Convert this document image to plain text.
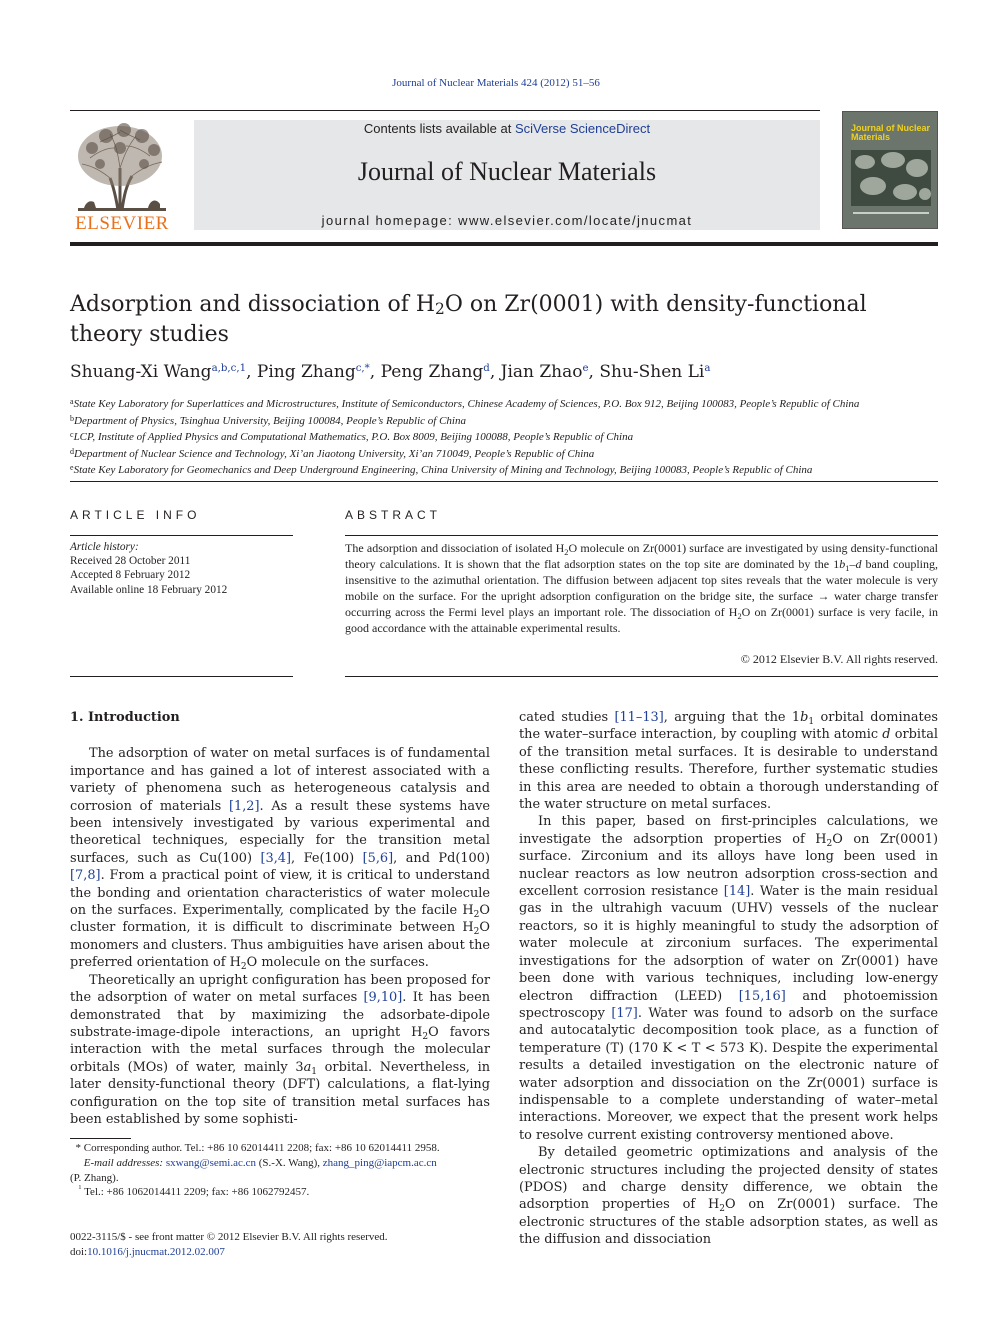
Journal of Nuclear Materials 424 (2012) 51–56
ELSEVIER
Contents lists available at SciVerse ScienceDirect
Journal of Nuclear Materials
journal homepage: www.elsevier.com/locate/jnucmat
Journal of Nuclear Materials
Adsorption and dissociation of $H_2O$ on Zr(0001) with density-functional theory studies
Shuang-Xi Wang$^{a,b,c,1}$, Ping Zhang$^{c,*}$, Peng Zhang$^d$, Jian Zhao$^e$, Shu-Shen Li$^a$
$^a$State Key Laboratory for Superlattices and Microstructures, Institute of Semiconductors, Chinese Academy of Sciences, P.O. Box 912, Beijing 100083, People’s Republic of China
$^b$Department of Physics, Tsinghua University, Beijing 100084, People’s Republic of China
$^c$LCP, Institute of Applied Physics and Computational Mathematics, P.O. Box 8009, Beijing 100088, People’s Republic of China
$^d$Department of Nuclear Science and Technology, Xi’an Jiaotong University, Xi’an 710049, People’s Republic of China
$^e$State Key Laboratory for Geomechanics and Deep Underground Engineering, China University of Mining and Technology, Beijing 100083, People’s Republic of China
ARTICLE INFO	ABSTRACT
Article history:
Received 28 October 2011
Accepted 8 February 2012
Available online 18 February 2012
The adsorption and dissociation of isolated $H_2O$ molecule on Zr(0001) surface are investigated by using density-functional theory calculations. It is shown that the flat adsorption states on the top site are dominated by the $1b_1-d$ band coupling, insensitive to the azimuthal orientation. The diffusion between adjacent top sites reveals that the water molecule is very mobile on the surface. For the upright adsorption configuration on the bridge site, the surface → water charge transfer occurring across the Fermi level plays an important role. The dissociation of $H_2O$ on Zr(0001) surface is very facile, in good accordance with the attainable experimental results.
© 2012 Elsevier B.V. All rights reserved.

1. Introduction

The adsorption of water on metal surfaces is of fundamental importance and has gained a lot of interest associated with a variety of phenomena such as heterogeneous catalysis and corrosion of materials [1,2]. As a result these systems have been intensively investigated by various experimental and theoretical techniques, especially for the transition metal surfaces, such as Cu(100) [3,4], Fe(100) [5,6], and Pd(100) [7,8]. From a practical point of view, it is critical to understand the bonding and orientation characteristics of water molecule on the surfaces. Experimentally, complicated by the facile $H_2O$ cluster formation, it is difficult to discriminate between $H_2O$ monomers and clusters. Thus ambiguities have arisen about the preferred orientation of $H_2O$ molecule on the surfaces.

Theoretically an upright configuration has been proposed for the adsorption of water on metal surfaces [9,10]. It has been demonstrated that by maximizing the adsorbate-dipole substrate-image-dipole interactions, an upright $H_2O$ favors interaction with the metal surfaces through the molecular orbitals (MOs) of water, mainly $3a_1$ orbital. Nevertheless, in later density-functional theory (DFT) calculations, a flat-lying configuration on the top site of transition metal surfaces has been established by some sophisti-

cated studies [11–13], arguing that the $1b_1$ orbital dominates the water–surface interaction, by coupling with atomic d orbital of the transition metal surfaces. It is desirable to understand these conflicting results. Therefore, further systematic studies in this area are needed to obtain a thorough understanding of the water structure on metal surfaces.

In this paper, based on first-principles calculations, we investigate the adsorption properties of $H_2O$ on Zr(0001) surface. Zirconium and its alloys have long been used in nuclear reactors as low neutron adsorption cross-section and excellent corrosion resistance [14]. Water is the main residual gas in the ultrahigh vacuum (UHV) vessels of the nuclear reactors, so it is highly meaningful to study the adsorption of water molecule at zirconium surfaces. The experimental investigations for the adsorption of water on Zr(0001) have been done with various techniques, including low-energy electron diffraction (LEED) [15,16] and photoemission spectroscopy [17]. Water was found to adsorb on the surface and autocatalytic decomposition took place, as a function of temperature (T) (170 K < T < 573 K). Despite the experimental results a detailed investigation on the electronic nature of water adsorption and dissociation on the Zr(0001) surface is indispensable to a complete understanding of water–metal interactions. Moreover, we expect that the present work helps to resolve current existing controversy mentioned above.

By detailed geometric optimizations and analysis of the electronic structures including the projected density of states (PDOS) and charge density difference, we obtain the adsorption properties of $H_2O$ on Zr(0001) surface. The electronic structures of the stable adsorption states, as well as the diffusion and dissociation

* Corresponding author. Tel.: +86 10 62014411 2208; fax: +86 10 62014411 2958.

E-mail addresses: sxwang@semi.ac.cn (S.-X. Wang), zhang_ping@iapcm.ac.cn
(P. Zhang).

$^1$ Tel.: +86 1062014411 2209; fax: +86 1062792457.

0022-3115/$ - see front matter © 2012 Elsevier B.V. All rights reserved.
doi:10.1016/j.jnucmat.2012.02.007
